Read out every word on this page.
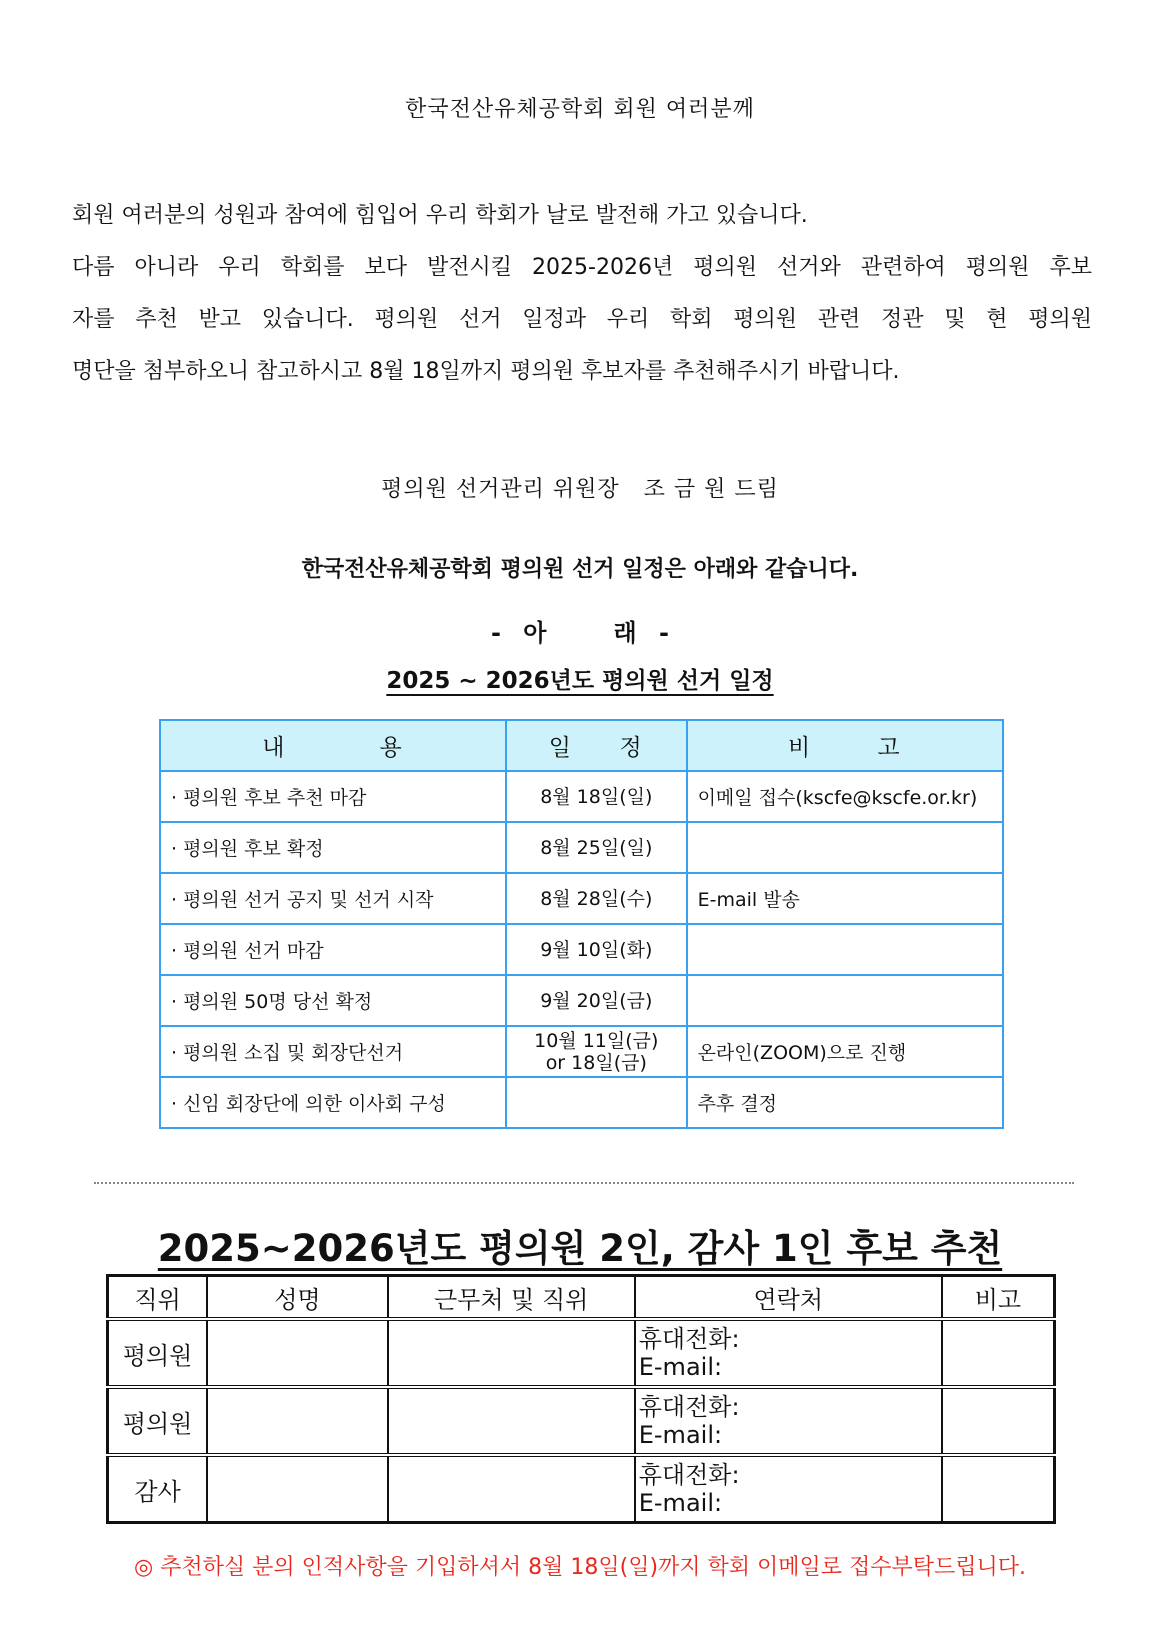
한국전산유체공학회 회원 여러분께
회원 여러분의 성원과 참여에 힘입어 우리 학회가 날로 발전해 가고 있습니다.
다름 아니라 우리 학회를 보다 발전시킬 2025-2026년 평의원 선거와 관련하여 평의원 후보
자를 추천 받고 있습니다. 평의원 선거 일정과 우리 학회 평의원 관련 정관 및 현 평의원
명단을 첨부하오니 참고하시고 8월 18일까지 평의원 후보자를 추천해주시기 바랍니다.
평의원 선거관리 위원장   조 금 원 드림
한국전산유체공학회 평의원 선거 일정은 아래와 같습니다.
- 아   래 -
2025 ~ 2026년도 평의원 선거 일정
내          용	일     정	비       고
· 평의원 후보 추천 마감	8월 18일(일)	이메일 접수(kscfe@kscfe.or.kr)
· 평의원 후보 확정	8월 25일(일)	
· 평의원 선거 공지 및 선거 시작	8월 28일(수)	E-mail 발송
· 평의원 선거 마감	9월 10일(화)	
· 평의원 50명 당선 확정	9월 20일(금)	
· 평의원 소집 및 회장단선거	10월 11일(금)
or 18일(금)	온라인(ZOOM)으로 진행
· 신임 회장단에 의한 이사회 구성		추후 결정
2025~2026년도 평의원 2인, 감사 1인 후보 추천
직위	성명	근무처 및 직위	연락처	비고
평의원			휴대전화:
E-mail:	

평의원			휴대전화:
E-mail:	

감사			휴대전화:
E-mail:	

◎ 추천하실 분의 인적사항을 기입하셔서 8월 18일(일)까지 학회 이메일로 접수부탁드립니다.
